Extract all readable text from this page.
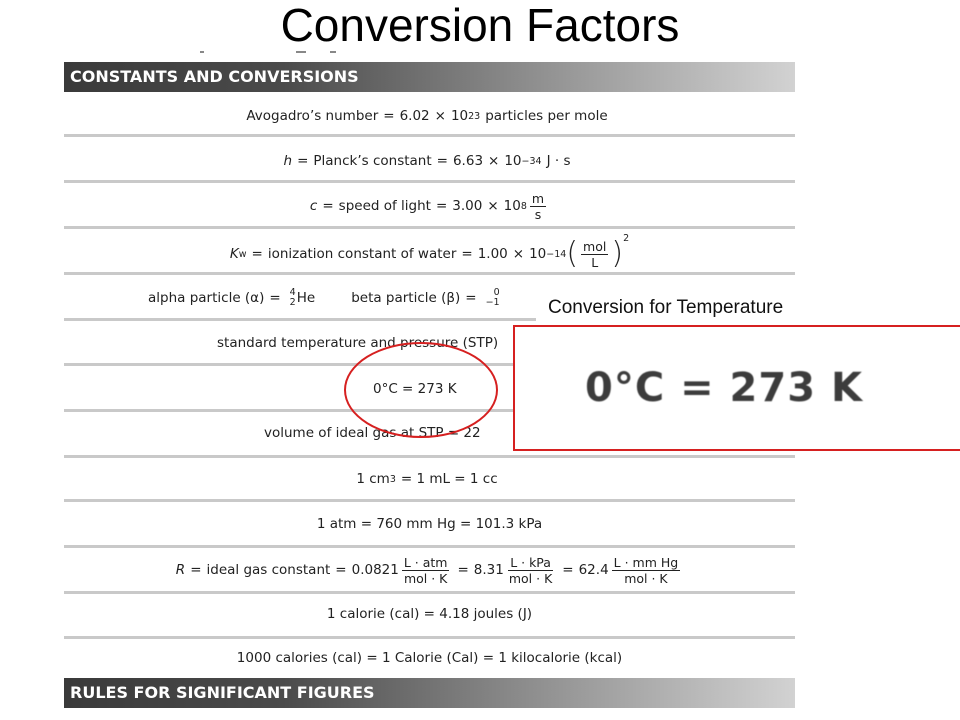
Conversion Factors
CONSTANTS AND CONVERSIONS
Avogadro’s number = 6.02 × 10 23 particles per mole
h = Planck’s constant = 6.63 × 10 −34 J · s
c = speed of light = 3.00 × 10 $8 \frac{m}{s}$
K w = ionization constant of water = 1.00 × 10 −14 ( $\frac{\text{mol}}{L} )^2$
alpha particle (α) = 4
2 He	beta particle (β) = 0
−1
standard temperature and pressure (STP)
0°C = 273 K
volume of ideal gas at STP = 22
1 cm 3 = 1 mL = 1 cc
1 atm = 760 mm Hg = 101.3 kPa
R = ideal gas constant = $0.0821 \frac{\text{L · atm}}{\text{mol · K}} = 8.31 \frac{\text{L · kPa}}{\text{mol · K}} = 62.4 \frac{\text{L · mm Hg}}{\text{mol · K}}$
1 calorie (cal) = 4.18 joules (J)
1000 calories (cal) = 1 Calorie (Cal) = 1 kilocalorie (kcal)
RULES FOR SIGNIFICANT FIGURES
Conversion for Temperature
0°C = 273 K
